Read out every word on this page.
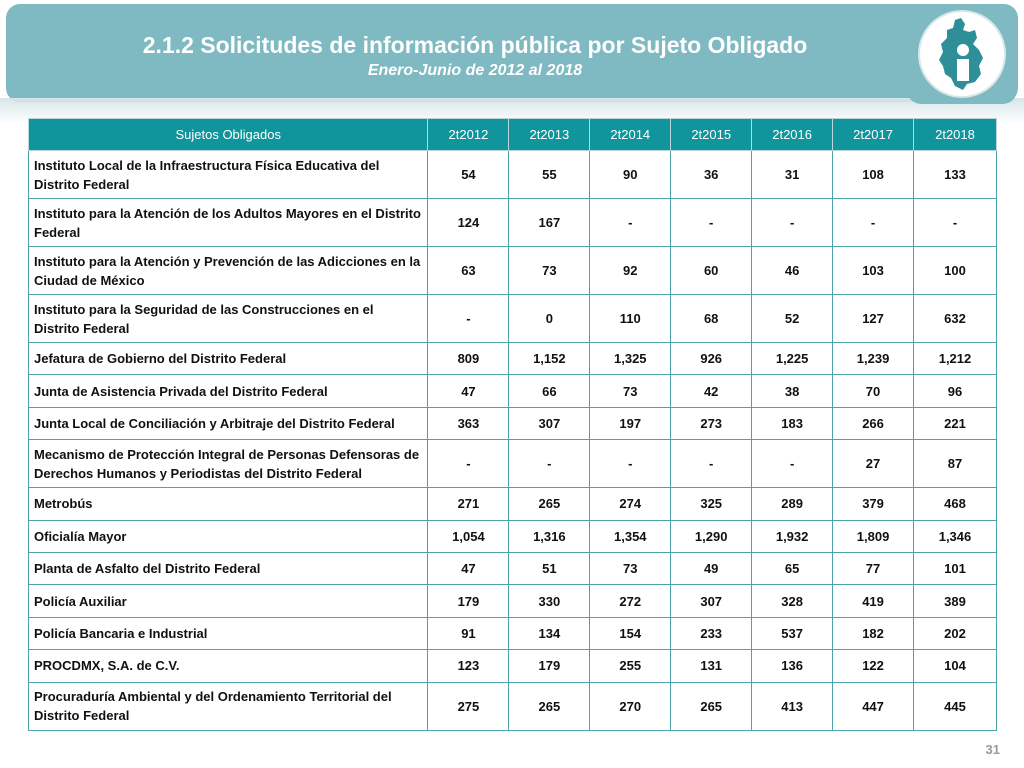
2.1.2 Solicitudes de información pública por Sujeto Obligado
Enero-Junio de 2012 al 2018
Sujetos Obligados	2t2012	2t2013	2t2014	2t2015	2t2016	2t2017	2t2018
Instituto Local de la Infraestructura Física Educativa del Distrito Federal	54	55	90	36	31	108	133
Instituto para la Atención de los Adultos Mayores en el Distrito Federal	124	167	-	-	-	-	-
Instituto para la Atención y Prevención de las Adicciones en la Ciudad de México	63	73	92	60	46	103	100
Instituto para la Seguridad de las Construcciones en el Distrito Federal	-	0	110	68	52	127	632
Jefatura de Gobierno del Distrito Federal	809	1,152	1,325	926	1,225	1,239	1,212
Junta de Asistencia Privada del Distrito Federal	47	66	73	42	38	70	96
Junta Local de Conciliación y Arbitraje del Distrito Federal	363	307	197	273	183	266	221
Mecanismo de Protección Integral de Personas Defensoras de Derechos Humanos y Periodistas del Distrito Federal	-	-	-	-	-	27	87
Metrobús	271	265	274	325	289	379	468
Oficialía Mayor	1,054	1,316	1,354	1,290	1,932	1,809	1,346
Planta de Asfalto del Distrito Federal	47	51	73	49	65	77	101
Policía Auxiliar	179	330	272	307	328	419	389
Policía Bancaria e Industrial	91	134	154	233	537	182	202
PROCDMX, S.A. de C.V.	123	179	255	131	136	122	104
Procuraduría Ambiental y del Ordenamiento Territorial del Distrito Federal	275	265	270	265	413	447	445
31
